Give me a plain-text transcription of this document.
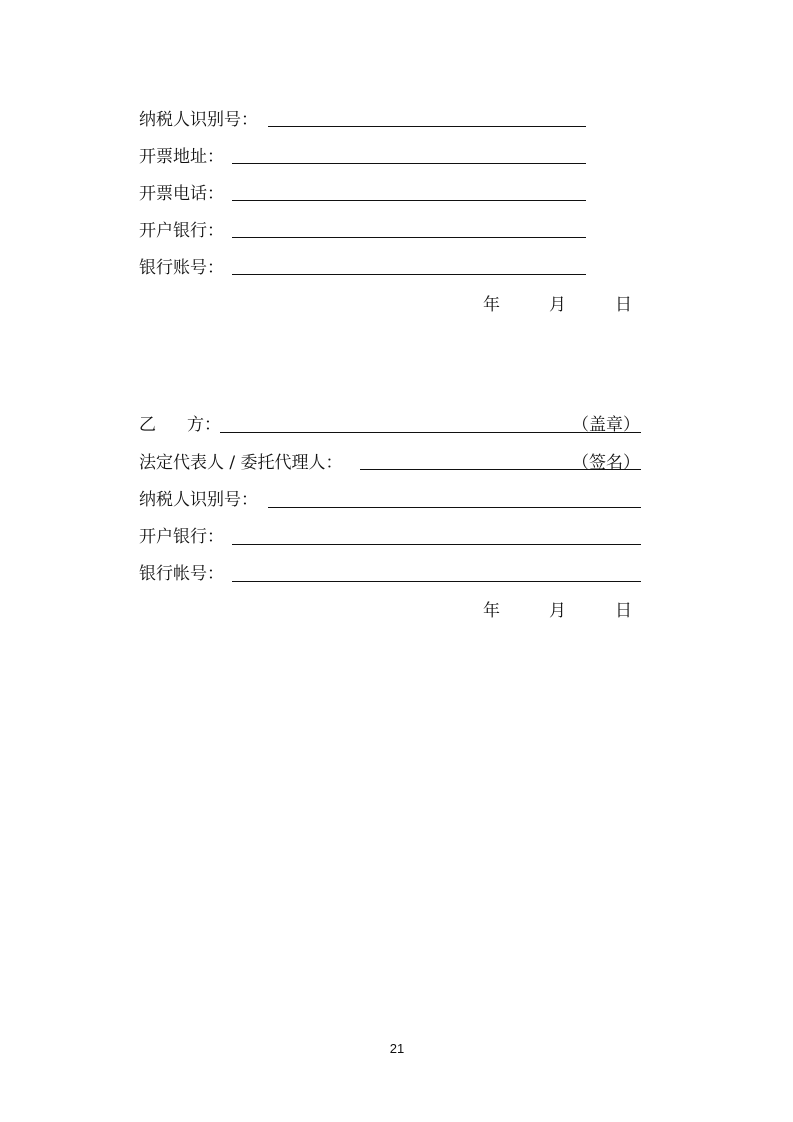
纳税人识别号：
开票地址：
开票电话：
开户银行：
银行账号：
年	月	日
乙 方：	（盖章）
法定代表人 / 委托代理人：	（签名）
纳税人识别号：
开户银行：
银行帐号：
年	月	日
21
